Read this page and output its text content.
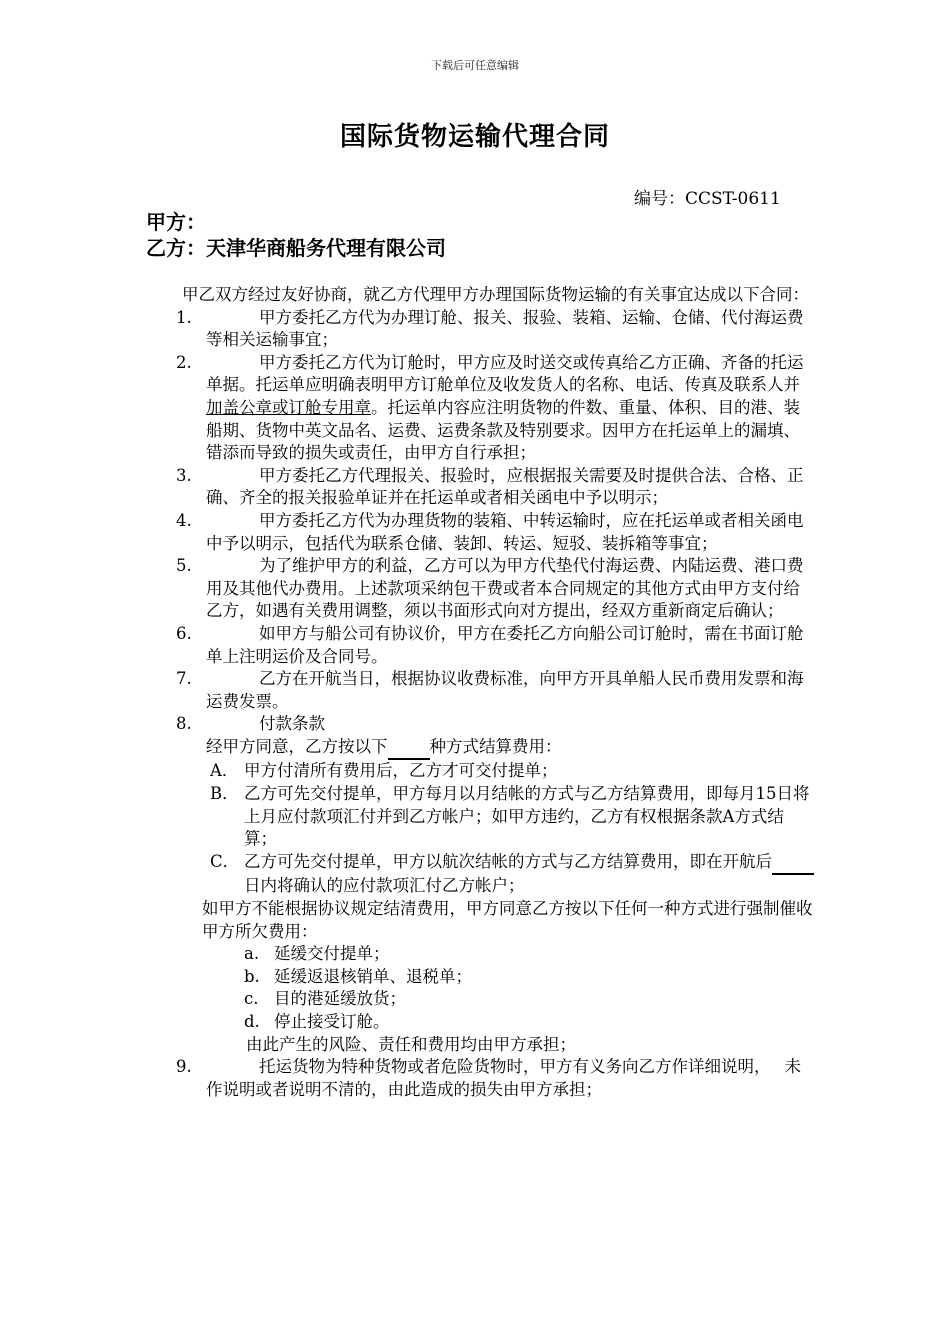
下载后可任意编辑
国际货物运输代理合同
编号：CCST-0611
甲方：
乙方：天津华商船务代理有限公司

甲乙双方经过友好协商，就乙方代理甲方办理国际货物运输的有关事宜达成以下合同：

1.	甲方委托乙方代为办理订舱、报关、报验、装箱、运输、仓储、代付海运费等相关运输事宜；

2.	甲方委托乙方代为订舱时，甲方应及时送交或传真给乙方正确、齐备的托运单据。托运单应明确表明甲方订舱单位及收发货人的名称、电话、传真及联系人并加盖公章或订舱专用章。托运单内容应注明货物的件数、重量、体积、目的港、装船期、货物中英文品名、运费、运费条款及特别要求。因甲方在托运单上的漏填、错添而导致的损失或责任，由甲方自行承担；

3.	甲方委托乙方代理报关、报验时，应根据报关需要及时提供合法、合格、正确、齐全的报关报验单证并在托运单或者相关函电中予以明示；

4.	甲方委托乙方代为办理货物的装箱、中转运输时，应在托运单或者相关函电中予以明示，包括代为联系仓储、装卸、转运、短驳、装拆箱等事宜；

5.	为了维护甲方的利益，乙方可以为甲方代垫代付海运费、内陆运费、港口费用及其他代办费用。上述款项采纳包干费或者本合同规定的其他方式由甲方支付给乙方，如遇有关费用调整，须以书面形式向对方提出，经双方重新商定后确认；

6.	如甲方与船公司有协议价，甲方在委托乙方向船公司订舱时，需在书面订舱单上注明运价及合同号。

7.	乙方在开航当日，根据协议收费标准，向甲方开具单船人民币费用发票和海运费发票。

8.	付款条款

经甲方同意，乙方按以下	种方式结算费用：

A． 甲方付清所有费用后，乙方才可交付提单；

B． 乙方可先交付提单，甲方每月以月结帐的方式与乙方结算费用，即每月15日将上月应付款项汇付并到乙方帐户；如甲方违约，乙方有权根据条款A方式结算；

C． 乙方可先交付提单，甲方以航次结帐的方式与乙方结算费用，即在开航后 日内将确认的应付款项汇付乙方帐户；

如甲方不能根据协议规定结清费用，甲方同意乙方按以下任何一种方式进行强制催收甲方所欠费用：

a. 延缓交付提单；

b. 延缓返退核销单、退税单；

c. 目的港延缓放货；

d. 停止接受订舱。

由此产生的风险、责任和费用均由甲方承担；

9.	托运货物为特种货物或者危险货物时，甲方有义务向乙方作详细说明， 未作说明或者说明不清的，由此造成的损失由甲方承担；
